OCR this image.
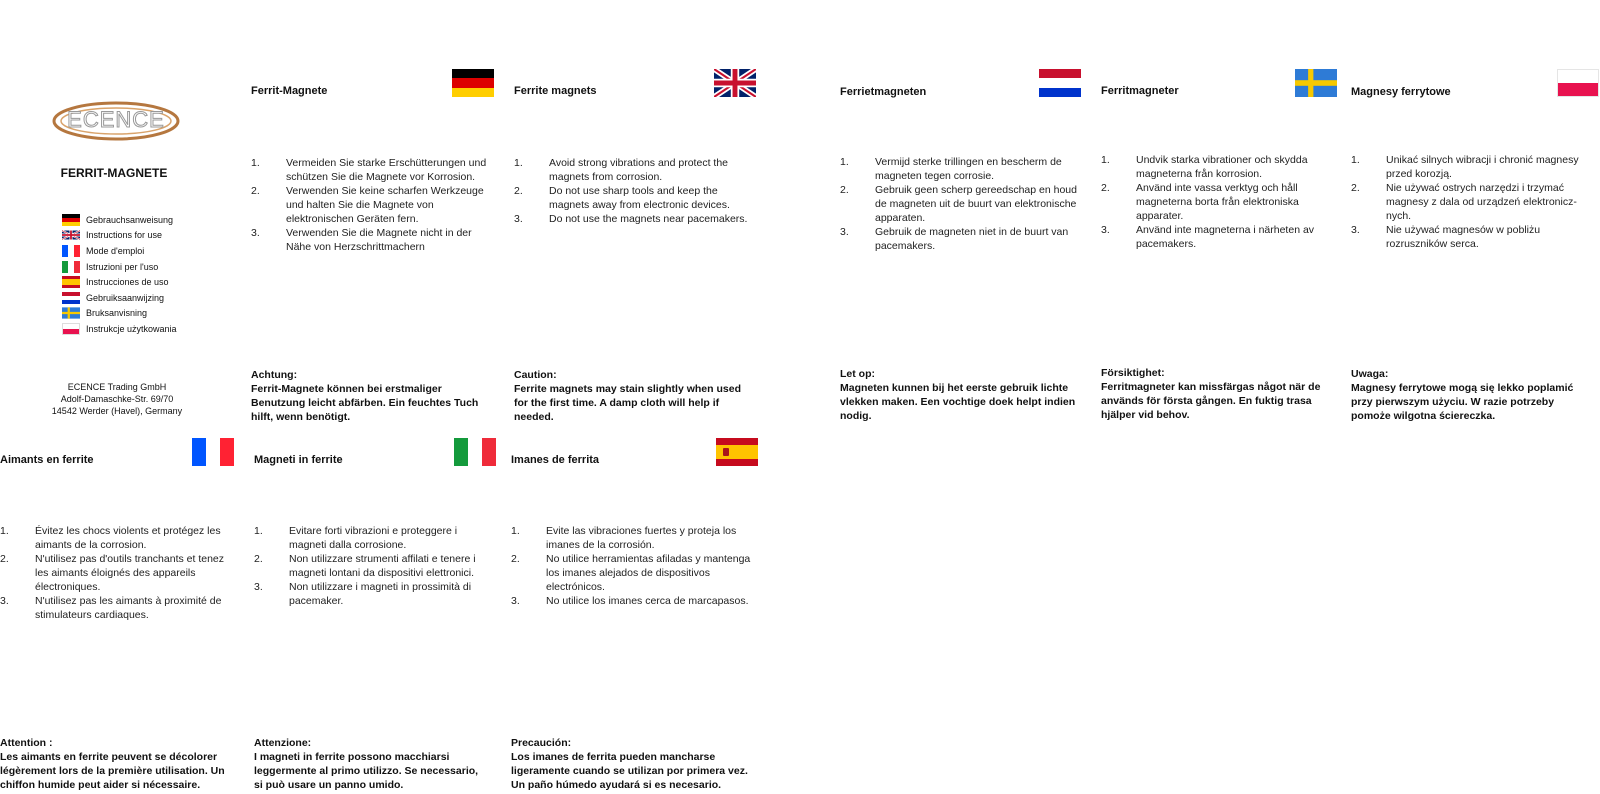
ECENCE
FERRIT-MAGNETE
Gebrauchsanweisung
Instructions for use
Mode d'emploi
Istruzioni per l'uso
Instrucciones de uso
Gebruiksaanwijzing
Bruksanvisning
Instrukcje użytkowania
ECENCE Trading GmbH
Adolf-Damaschke-Str. 69/70
14542 Werder (Havel), Germany
Ferrit-Magnete
1. Vermeiden Sie starke Erschütterungen und schützen Sie die Magnete vor Korrosion.
2. Verwenden Sie keine scharfen Werkzeuge und halten Sie die Magnete von elektronischen Geräten fern.
3. Verwenden Sie die Magnete nicht in der Nähe von Herzschrittmachern
Achtung:
Ferrit-Magnete können bei erstmaliger Benutzung leicht abfärben. Ein feuchtes Tuch hilft, wenn benötigt.
Ferrite magnets
1. Avoid strong vibrations and protect the magnets from corrosion.
2. Do not use sharp tools and keep the magnets away from electronic devices.
3. Do not use the magnets near pacemakers.
Caution:
Ferrite magnets may stain slightly when used for the first time. A damp cloth will help if needed.
Ferrietmagneten
1. Vermijd sterke trillingen en bescherm de magneten tegen corrosie.
2. Gebruik geen scherp gereedschap en houd de magneten uit de buurt van elektronische apparaten.
3. Gebruik de magneten niet in de buurt van pacemakers.
Let op:
Magneten kunnen bij het eerste gebruik lichte vlekken maken. Een vochtige doek helpt indien nodig.
Ferritmagneter
1. Undvik starka vibrationer och skydda magneterna från korrosion.
2. Använd inte vassa verktyg och håll magneterna borta från elektroniska apparater.
3. Använd inte magneterna i närheten av pacemakers.
Försiktighet:
Ferritmagneter kan missfärgas något när de används för första gången. En fuktig trasa hjälper vid behov.
Magnesy ferrytowe
1. Unikać silnych wibracji i chronić magnesy przed korozją.
2. Nie używać ostrych narzędzi i trzymać magnesy z dala od urządzeń elektronicz-nych.
3. Nie używać magnesów w pobliżu rozruszników serca.
Uwaga:
Magnesy ferrytowe mogą się lekko poplamić przy pierwszym użyciu. W razie potrzeby pomoże wilgotna ściereczka.
Aimants en ferrite
1. Évitez les chocs violents et protégez les aimants de la corrosion.
2. N'utilisez pas d'outils tranchants et tenez les aimants éloignés des appareils électroniques.
3. N'utilisez pas les aimants à proximité de stimulateurs cardiaques.
Attention :
Les aimants en ferrite peuvent se décolorer légèrement lors de la première utilisation. Un chiffon humide peut aider si nécessaire.
Magneti in ferrite
1. Evitare forti vibrazioni e proteggere i magneti dalla corrosione.
2. Non utilizzare strumenti affilati e tenere i magneti lontani da dispositivi elettronici.
3. Non utilizzare i magneti in prossimità di pacemaker.
Attenzione:
I magneti in ferrite possono macchiarsi leggermente al primo utilizzo. Se necessario, si può usare un panno umido.
Imanes de ferrita
1. Evite las vibraciones fuertes y proteja los imanes de la corrosión.
2. No utilice herramientas afiladas y mantenga los imanes alejados de dispositivos electrónicos.
3. No utilice los imanes cerca de marcapasos.
Precaución:
Los imanes de ferrita pueden mancharse ligeramente cuando se utilizan por primera vez. Un paño húmedo ayudará si es necesario.
